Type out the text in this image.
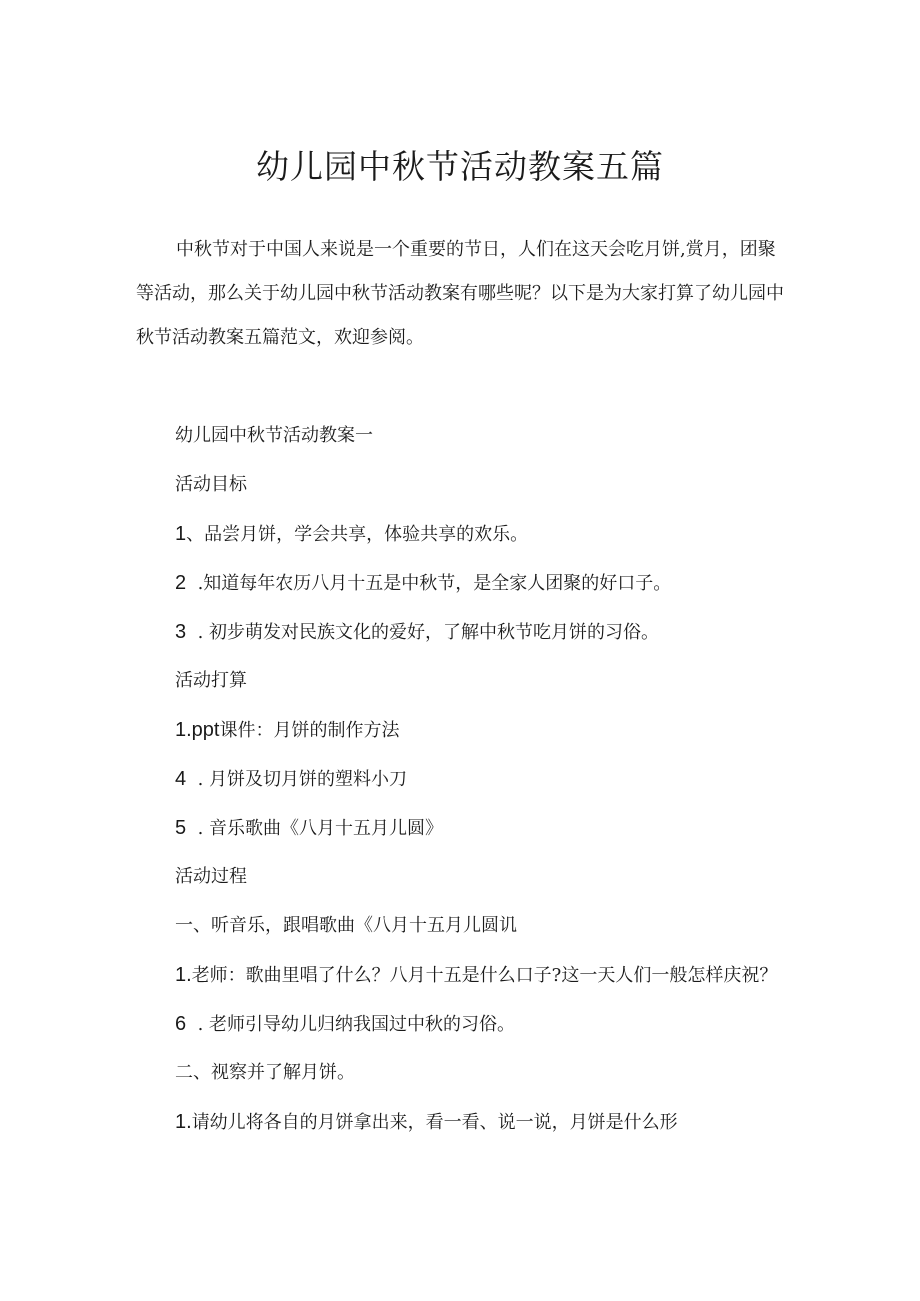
幼儿园中秋节活动教案五篇

中秋节对于中国人来说是一个重要的节日，人们在这天会吃月饼,赏月，团聚等活动，那么关于幼儿园中秋节活动教案有哪些呢？以下是为大家打算了幼儿园中秋节活动教案五篇范文，欢迎参阅。

幼儿园中秋节活动教案一

活动目标

1、品尝月饼，学会共享，体验共享的欢乐。

2  .知道每年农历八月十五是中秋节，是全家人团聚的好口子。

3  . 初步萌发对民族文化的爱好，了解中秋节吃月饼的习俗。

活动打算

1.ppt课件：月饼的制作方法

4  . 月饼及切月饼的塑料小刀

5  . 音乐歌曲《八月十五月儿圆》

活动过程

一、听音乐，跟唱歌曲《八月十五月儿圆讥

1.老师：歌曲里唱了什么？八月十五是什么口子?这一天人们一般怎样庆祝？

6  . 老师引导幼儿归纳我国过中秋的习俗。

二、视察并了解月饼。

1.请幼儿将各自的月饼拿出来，看一看、说一说，月饼是什么形
